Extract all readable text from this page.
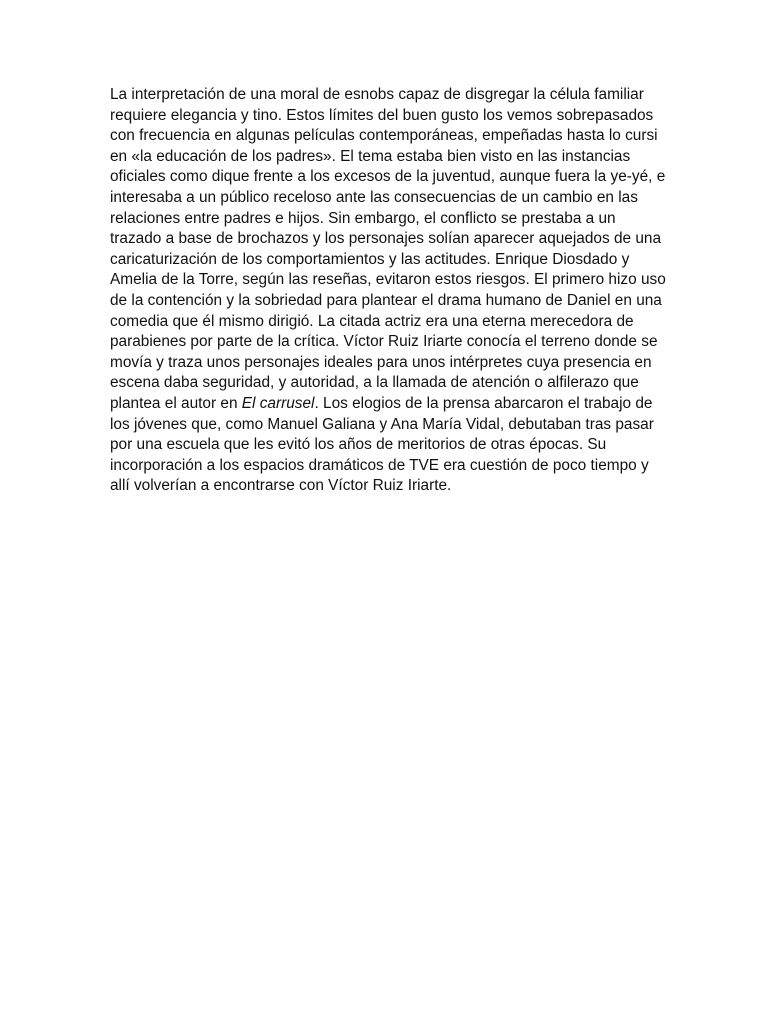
La interpretación de una moral de esnobs capaz de disgregar la célula familiar
requiere elegancia y tino. Estos límites del buen gusto los vemos sobrepasados
con frecuencia en algunas películas contemporáneas, empeñadas hasta lo cursi
en «la educación de los padres». El tema estaba bien visto en las instancias
oficiales como dique frente a los excesos de la juventud, aunque fuera la ye-yé, e
interesaba a un público receloso ante las consecuencias de un cambio en las
relaciones entre padres e hijos. Sin embargo, el conflicto se prestaba a un
trazado a base de brochazos y los personajes solían aparecer aquejados de una
caricaturización de los comportamientos y las actitudes. Enrique Diosdado y
Amelia de la Torre, según las reseñas, evitaron estos riesgos. El primero hizo uso
de la contención y la sobriedad para plantear el drama humano de Daniel en una
comedia que él mismo dirigió. La citada actriz era una eterna merecedora de
parabienes por parte de la crítica. Víctor Ruiz Iriarte conocía el terreno donde se
movía y traza unos personajes ideales para unos intérpretes cuya presencia en
escena daba seguridad, y autoridad, a la llamada de atención o alfilerazo que
plantea el autor en El carrusel. Los elogios de la prensa abarcaron el trabajo de
los jóvenes que, como Manuel Galiana y Ana María Vidal, debutaban tras pasar
por una escuela que les evitó los años de meritorios de otras épocas. Su
incorporación a los espacios dramáticos de TVE era cuestión de poco tiempo y
allí volverían a encontrarse con Víctor Ruiz Iriarte.
